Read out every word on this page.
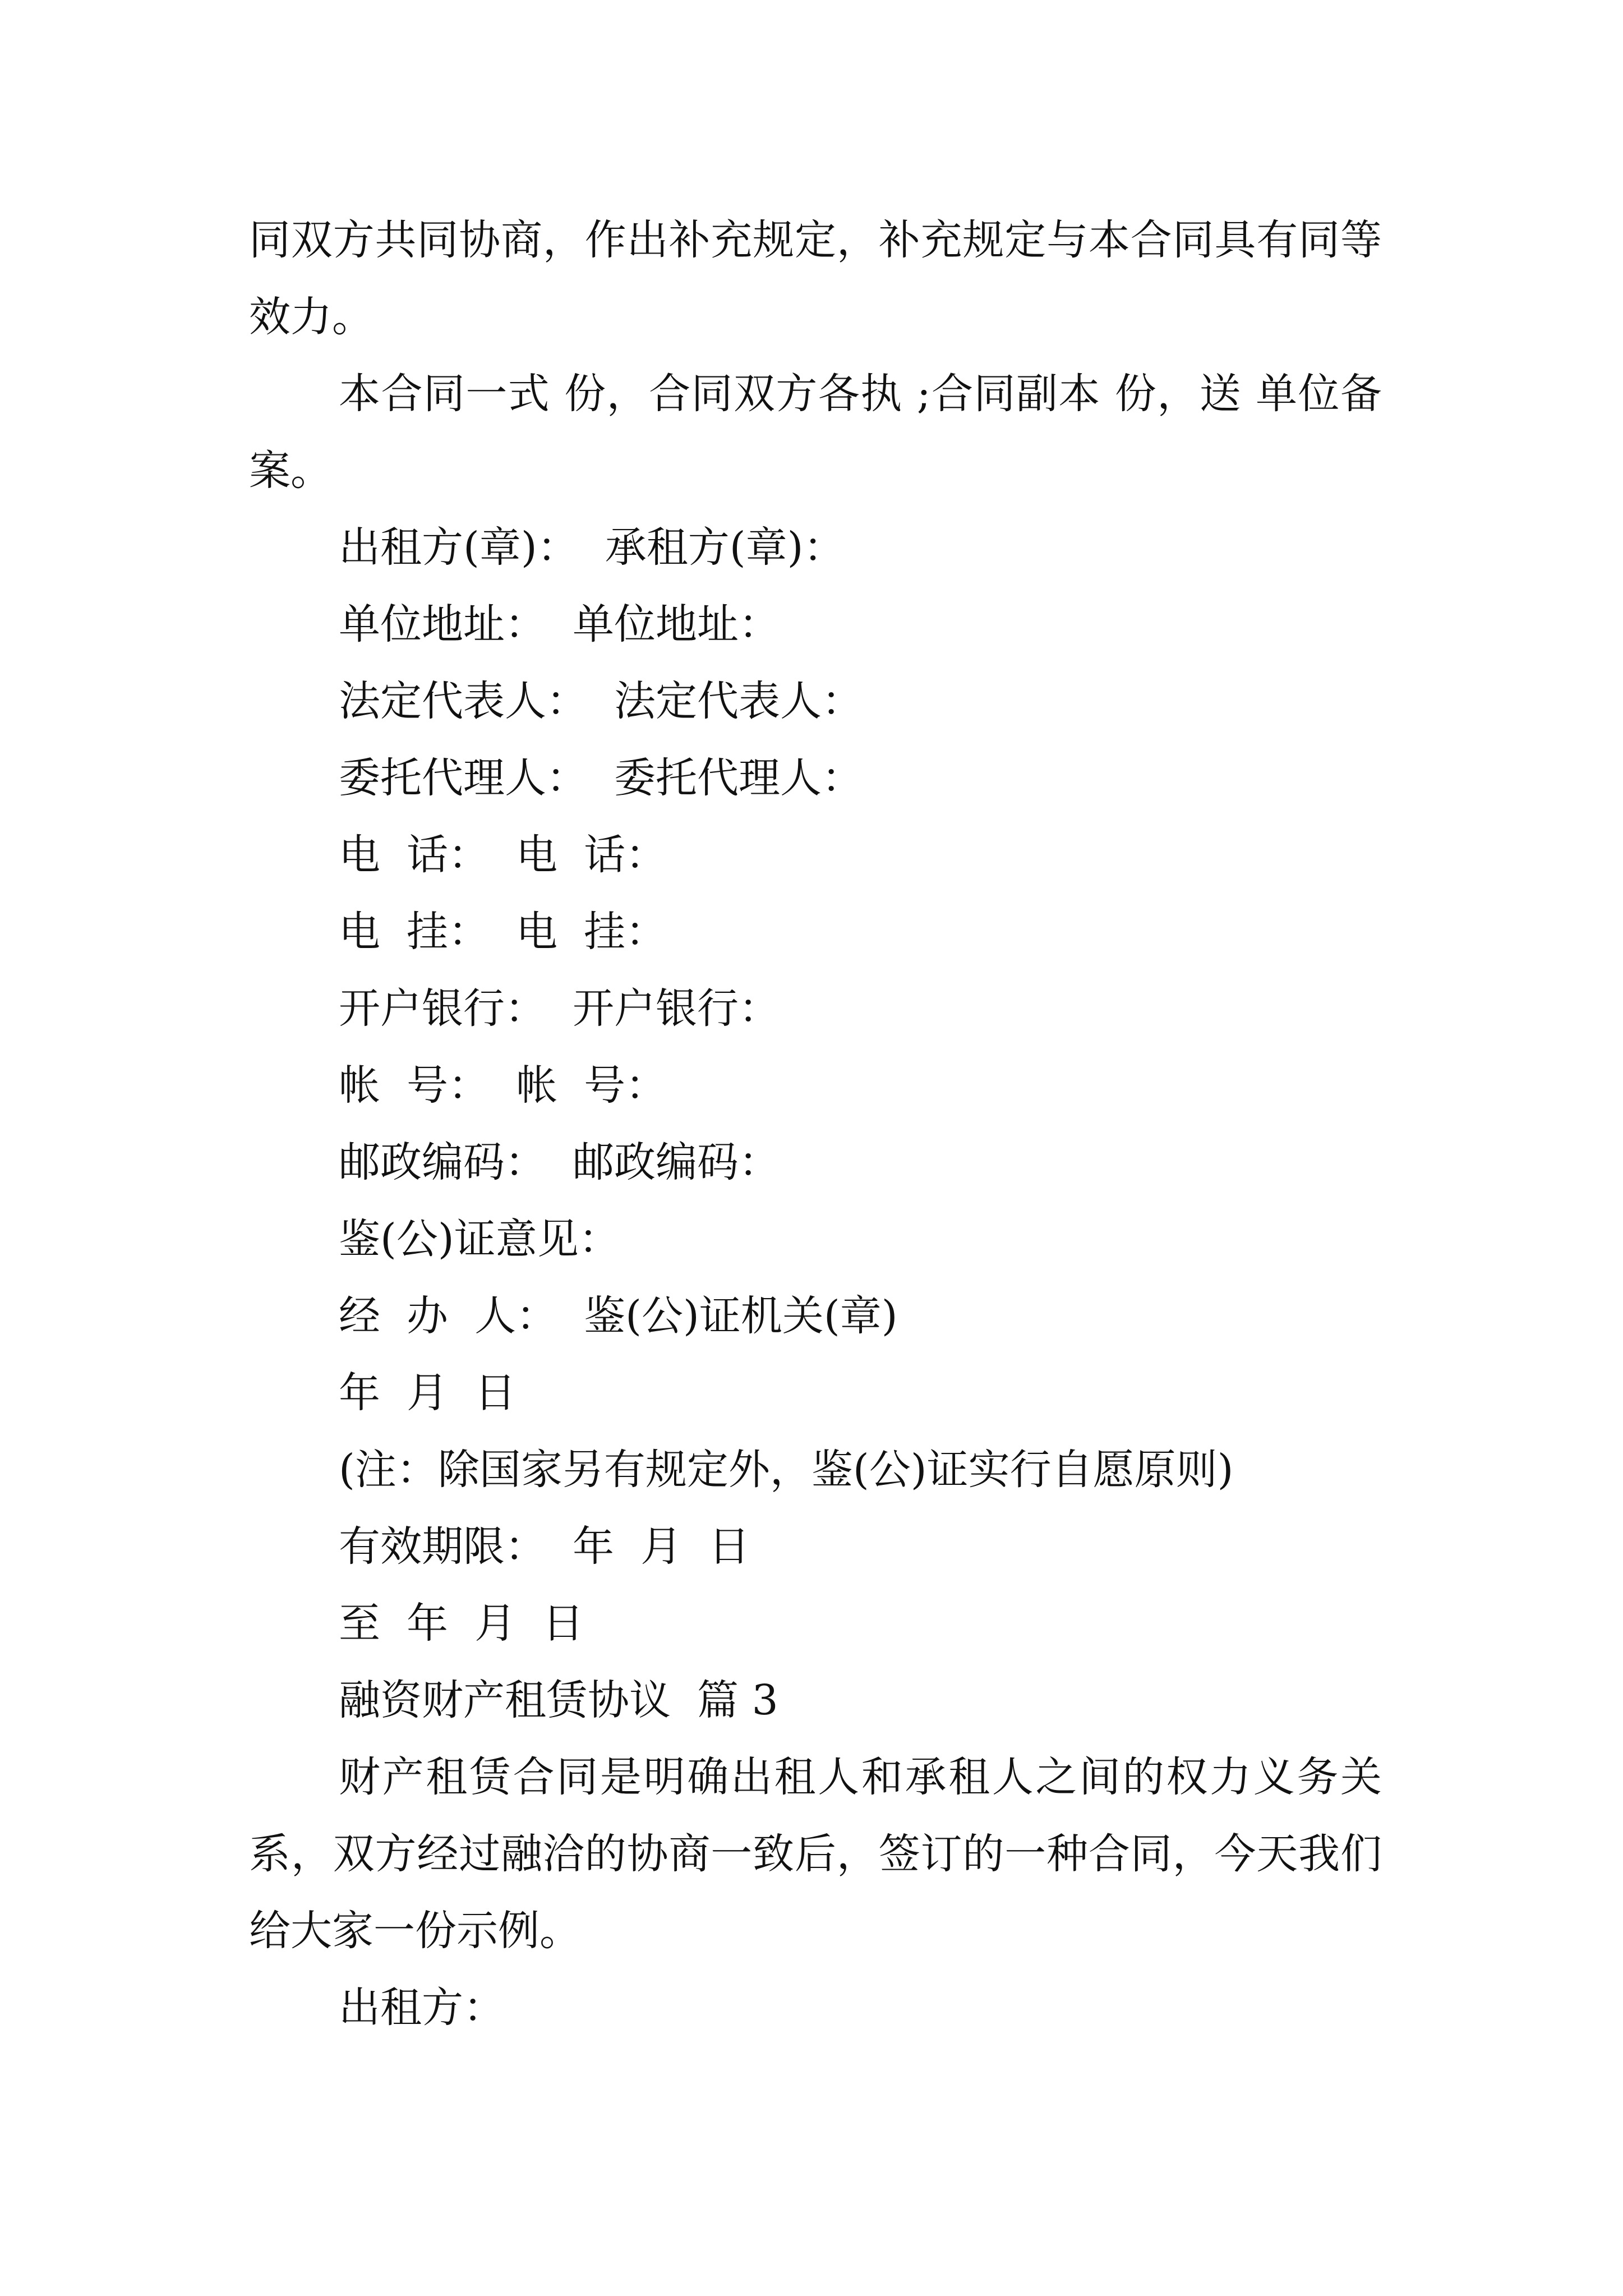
同双方共同协商，作出补充规定，补充规定与本合同具有同等效力。

本合同一式 份，合同双方各执 ;合同副本 份，送 单位备案。

出租方(章)：  承租方(章)：

单位地址：  单位地址：

法定代表人：  法定代表人：

委托代理人：  委托代理人：

电  话：  电  话：

电  挂：  电  挂：

开户银行：  开户银行：

帐  号：  帐  号：

邮政编码：  邮政编码：

鉴(公)证意见：

经  办  人：  鉴(公)证机关(章)

年  月  日

(注：除国家另有规定外，鉴(公)证实行自愿原则)

有效期限：  年  月  日

至  年  月  日

融资财产租赁协议  篇 3

财产租赁合同是明确出租人和承租人之间的权力义务关系，双方经过融洽的协商一致后，签订的一种合同，今天我们给大家一份示例。

出租方：
